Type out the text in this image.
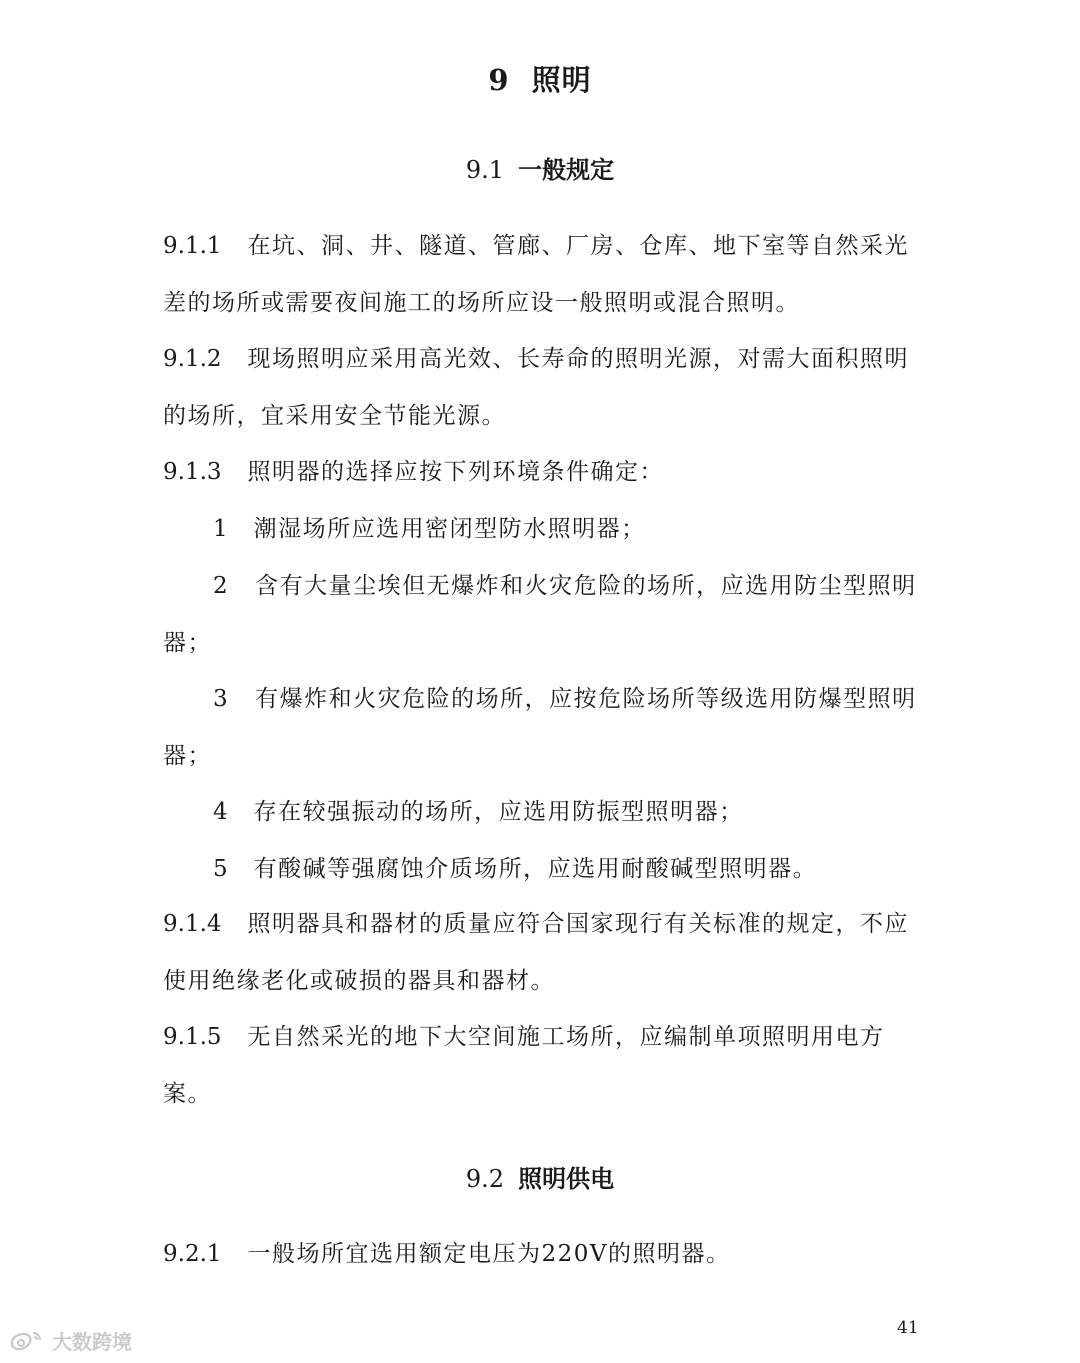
9 照明
9.1 一般规定

9.1.1 在坑、洞、井、隧道、管廊、厂房、仓库、地下室等自然采光差的场所或需要夜间施工的场所应设一般照明或混合照明。

9.1.2 现场照明应采用高光效、长寿命的照明光源，对需大面积照明的场所，宜采用安全节能光源。

9.1.3 照明器的选择应按下列环境条件确定：

1 潮湿场所应选用密闭型防水照明器；

2 含有大量尘埃但无爆炸和火灾危险的场所，应选用防尘型照明器；

3 有爆炸和火灾危险的场所，应按危险场所等级选用防爆型照明器；

4 存在较强振动的场所，应选用防振型照明器；

5 有酸碱等强腐蚀介质场所，应选用耐酸碱型照明器。

9.1.4 照明器具和器材的质量应符合国家现行有关标准的规定，不应使用绝缘老化或破损的器具和器材。

9.1.5 无自然采光的地下大空间施工场所，应编制单项照明用电方案。

9.2 照明供电

9.2.1 一般场所宜选用额定电压为220V的照明器。

41
大数跨境
